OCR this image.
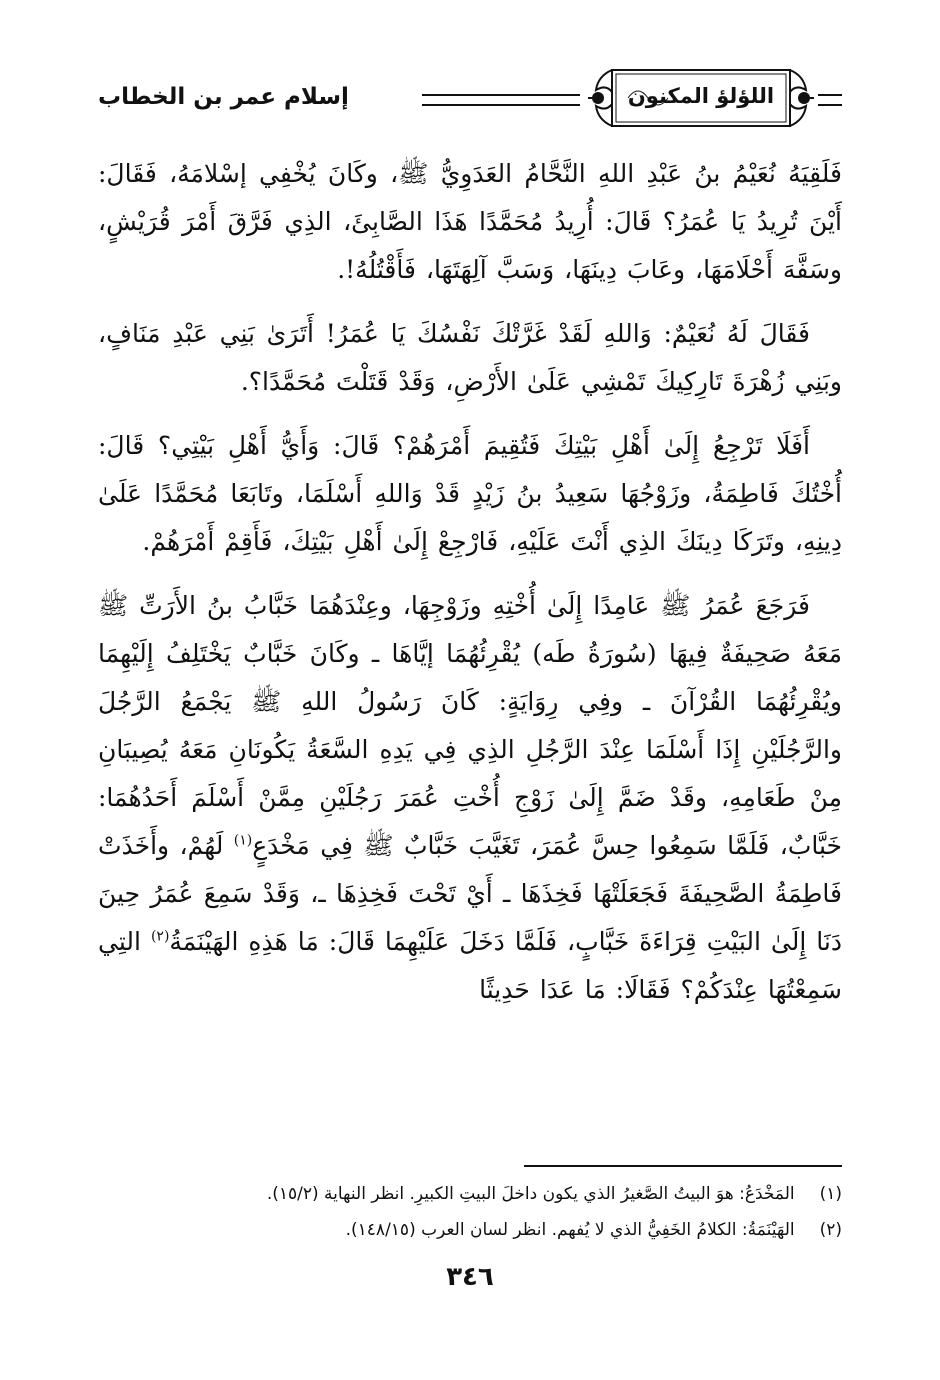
اللؤلؤ المكنون
إسلام عمر بن الخطاب

فَلَقِيَهُ نُعَيْمُ بنُ عَبْدِ اللهِ النَّحَّامُ العَدَوِيُّ ﷺ، وكَانَ يُخْفِي إسْلامَهُ، فَقَالَ: أَيْنَ تُرِيدُ يَا عُمَرُ؟ قَالَ: أُرِيدُ مُحَمَّدًا هَذَا الصَّابِئَ، الذِي فَرَّقَ أَمْرَ قُرَيْشٍ، وسَفَّهَ أَحْلَامَهَا، وعَابَ دِينَهَا، وَسَبَّ آلِهَتَهَا، فَأَقْتُلُهُ!.

فَقَالَ لَهُ نُعَيْمٌ: وَاللهِ لَقَدْ غَرَّتْكَ نَفْسُكَ يَا عُمَرُ! أَتَرَىٰ بَنِي عَبْدِ مَنَافٍ، وبَنِي زُهْرَةَ تَارِكِيكَ تَمْشِي عَلَىٰ الأَرْضِ، وَقَدْ قَتَلْتَ مُحَمَّدًا؟.

أَفَلَا تَرْجِعُ إِلَىٰ أَهْلِ بَيْتِكَ فَتُقِيمَ أَمْرَهُمْ؟ قَالَ: وَأَيُّ أَهْلِ بَيْتِي؟ قَالَ: أُخْتُكَ فَاطِمَةُ، وزَوْجُهَا سَعِيدُ بنُ زَيْدٍ قَدْ وَاللهِ أَسْلَمَا، وتَابَعَا مُحَمَّدًا عَلَىٰ دِينِهِ، وتَرَكَا دِينَكَ الذِي أَنْتَ عَلَيْهِ، فَارْجِعْ إِلَىٰ أَهْلِ بَيْتِكَ، فَأَقِمْ أَمْرَهُمْ.

فَرَجَعَ عُمَرُ ﷺ عَامِدًا إِلَىٰ أُخْتِهِ وزَوْجِهَا، وعِنْدَهُمَا خَبَّابُ بنُ الأَرَتِّ ﷺ مَعَهُ صَحِيفَةٌ فِيهَا (سُورَةُ طَه) يُقْرِئُهُمَا إيَّاهَا ـ وكَانَ خَبَّابٌ يَخْتَلِفُ إِلَيْهِمَا ويُقْرِئُهُمَا القُرْآنَ ـ وفِي رِوَايَةٍ: كَانَ رَسُولُ اللهِ ﷺ يَجْمَعُ الرَّجُلَ والرَّجُلَيْنِ إِذَا أَسْلَمَا عِنْدَ الرَّجُلِ الذِي فِي يَدِهِ السَّعَةُ يَكُونَانِ مَعَهُ يُصِيبَانِ مِنْ طَعَامِهِ، وقَدْ ضَمَّ إِلَىٰ زَوْجِ أُخْتِ عُمَرَ رَجُلَيْنِ مِمَّنْ أَسْلَمَ أَحَدُهُمَا: خَبَّابٌ، فَلَمَّا سَمِعُوا حِسَّ عُمَرَ، تَغَيَّبَ خَبَّابٌ ﷺ فِي مَخْدَعٍ$^{(١)}$ لَهُمْ، وأَخَذَتْ فَاطِمَةُ الصَّحِيفَةَ فَجَعَلَتْهَا فَخِذَهَا ـ أَيْ تَحْتَ فَخِذِهَا ـ، وَقَدْ سَمِعَ عُمَرُ حِينَ دَنَا إِلَىٰ البَيْتِ قِرَاءَةَ خَبَّابٍ، فَلَمَّا دَخَلَ عَلَيْهِمَا قَالَ: مَا هَذِهِ الهَيْنَمَةُ$^{(٢)}$ التِي سَمِعْتُهَا عِنْدَكُمْ؟ فَقَالَا: مَا عَدَا حَدِيثًا

(١) المَخْدَعُ: هوَ البيتُ الصَّغيرُ الذي يكون داخلَ البيتِ الكبيرِ. انظر النهاية (١٥/٢).

(٢) الهَيْنَمَةُ: الكلامُ الخَفِيُّ الذي لا يُفهم. انظر لسان العرب (١٤٨/١٥).

٣٤٦
